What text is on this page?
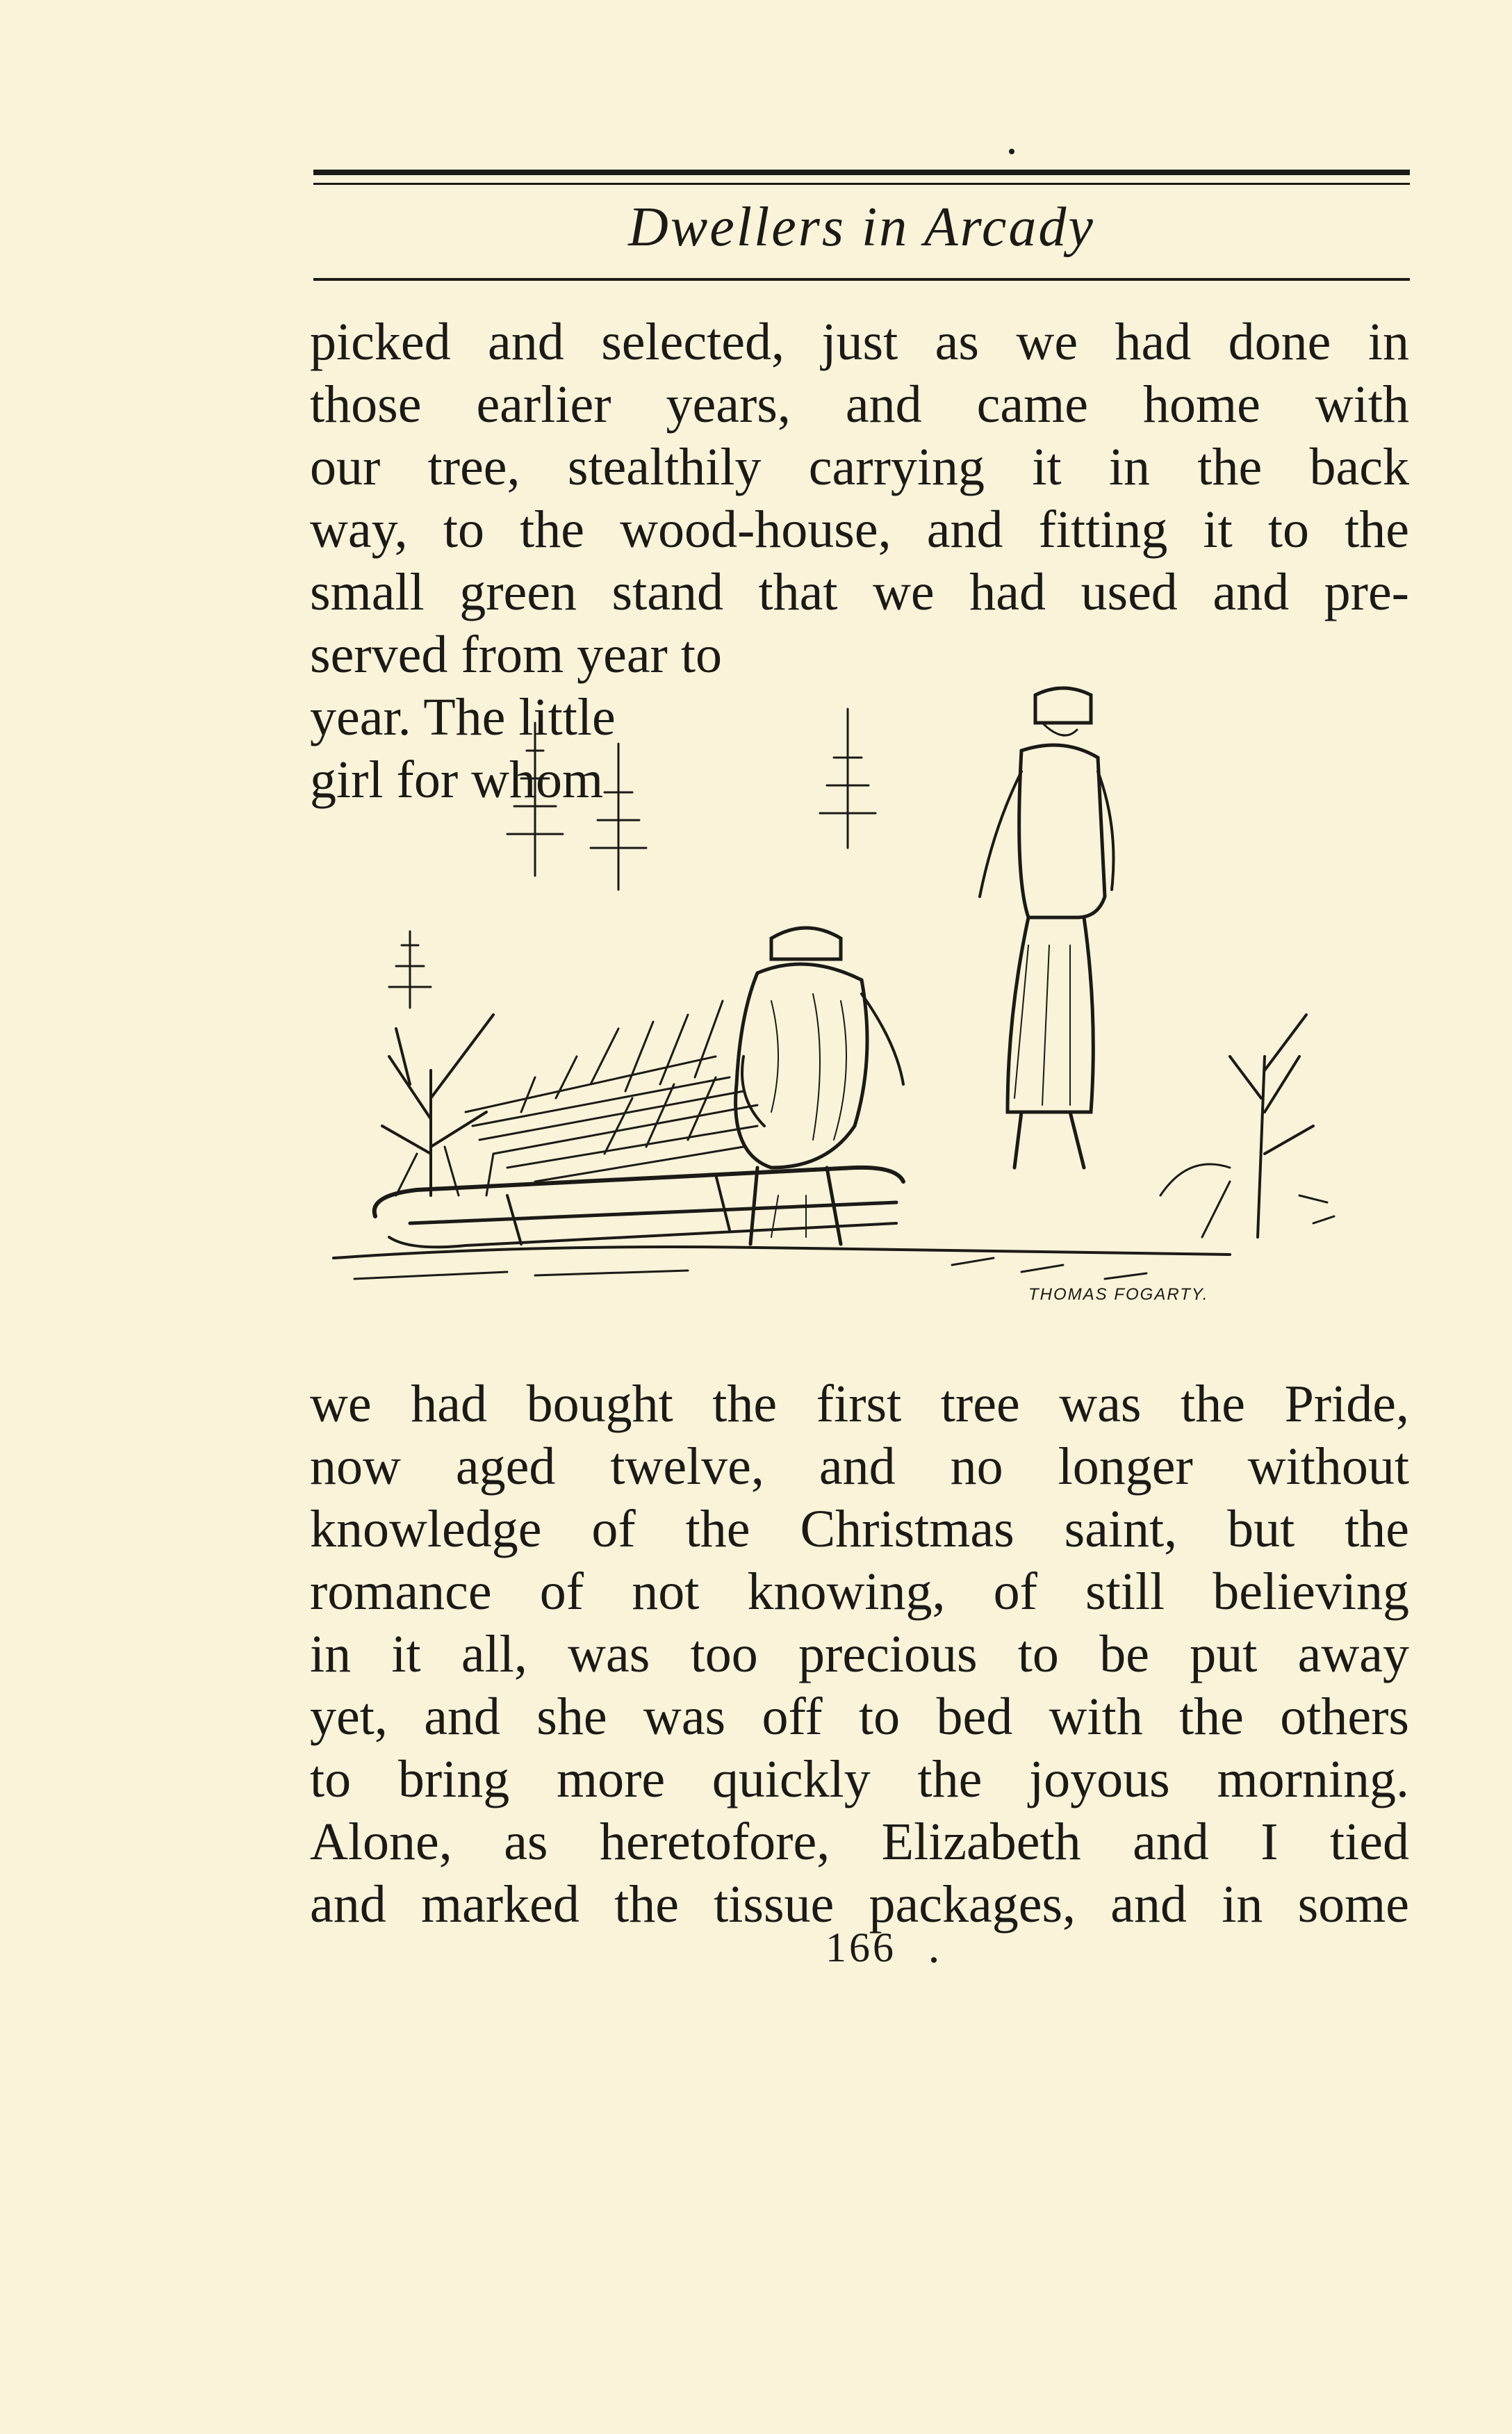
Dwellers in Arcady
picked and selected, just as we had done in
those earlier years, and came home with
our tree, stealthily carrying it in the back
way, to the wood-house, and fitting it to the
small green stand that we had used and pre-
served from year to
year. The little
girl for whom
THOMAS FOGARTY.
we had bought the first tree was the Pride,
now aged twelve, and no longer without
knowledge of the Christmas saint, but the
romance of not knowing, of still believing
in it all, was too precious to be put away
yet, and she was off to bed with the others
to bring more quickly the joyous morning.
Alone, as heretofore, Elizabeth and I tied
and marked the tissue packages, and in some
166
